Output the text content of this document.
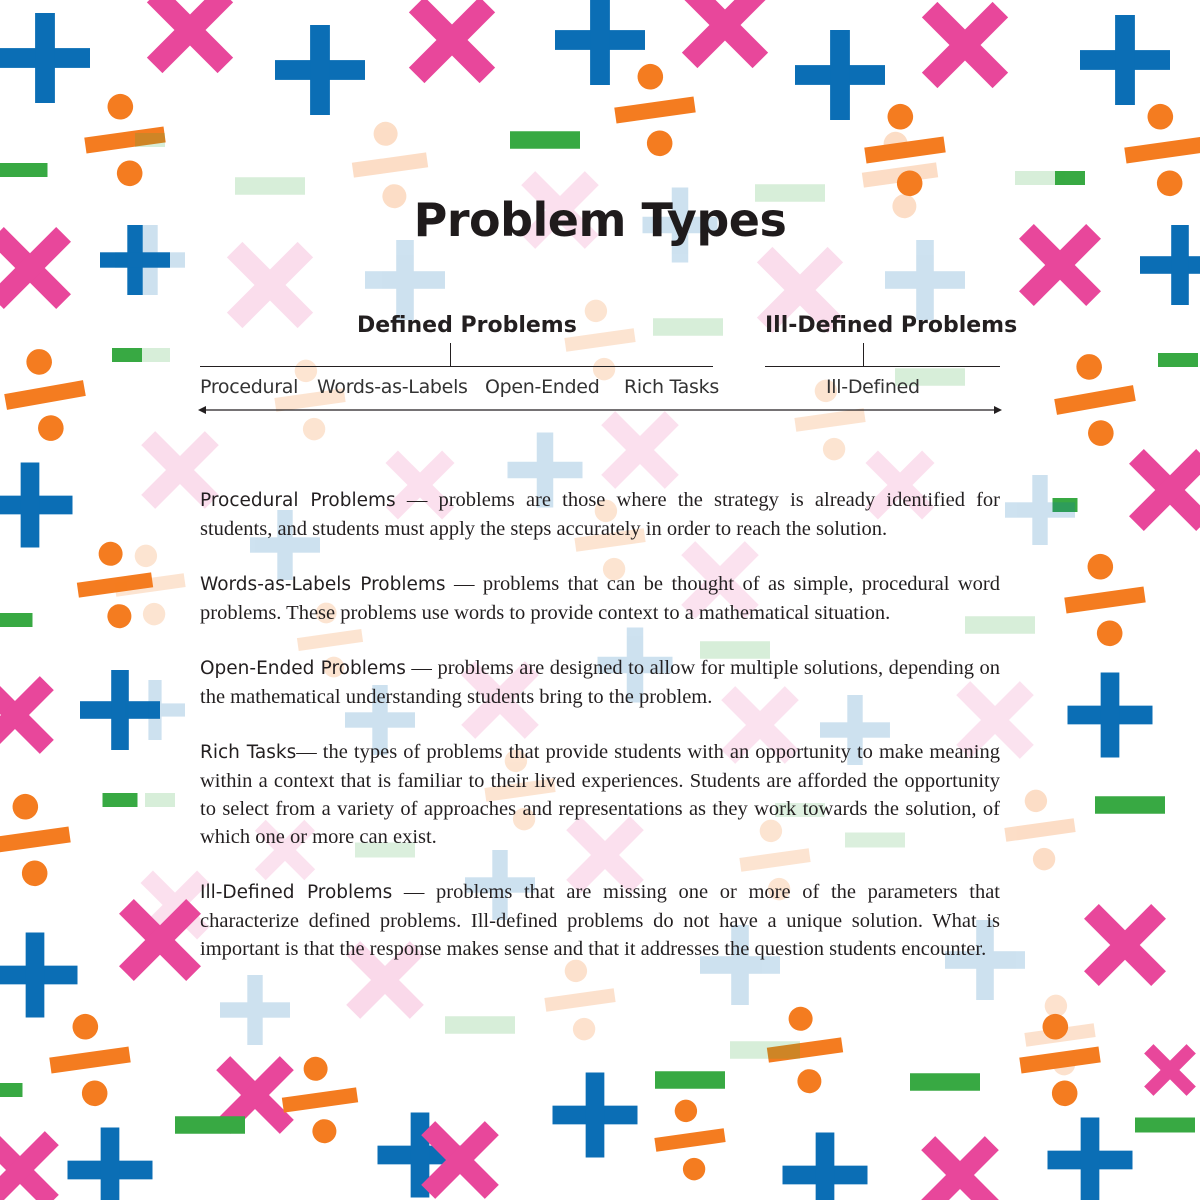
Problem Types
Defined Problems	Ill-Defined Problems
Procedural Words-as-Labels Open-Ended Rich Tasks	Ill-Defined

Procedural Problems — problems are those where the strategy is already identified for students, and students must apply the steps accurately in order to reach the solution.

Words-as-Labels Problems — problems that can be thought of as simple, procedural word problems. These problems use words to provide context to a mathematical situation.

Open-Ended Problems — problems are designed to allow for multiple solutions, depending on the mathematical understanding students bring to the problem.

Rich Tasks— the types of problems that provide students with an opportunity to make meaning within a context that is familiar to their lived experiences. Students are afforded the opportunity to select from a variety of approaches and representations as they work towards the solution, of which one or more can exist.

Ill-Defined Problems — problems that are missing one or more of the parameters that characterize defined problems. Ill-defined problems do not have a unique solution. What is important is that the response makes sense and that it addresses the question students encounter.
